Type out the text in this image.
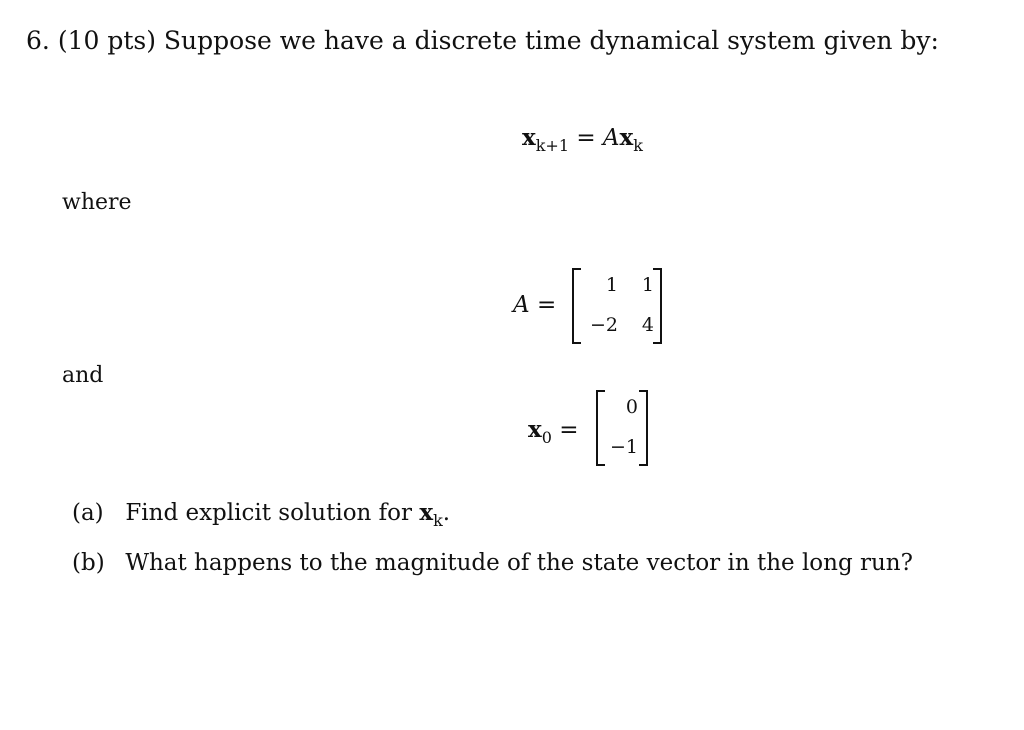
6. (10 pts) Suppose we have a discrete time dynamical system given by:
$x_{k+1} = Ax_k$
where
A =
1	1
−2	4
and
$x_0$ =
0
−1
(a) Find explicit solution for $x_k$.
(b) What happens to the magnitude of the state vector in the long run?
